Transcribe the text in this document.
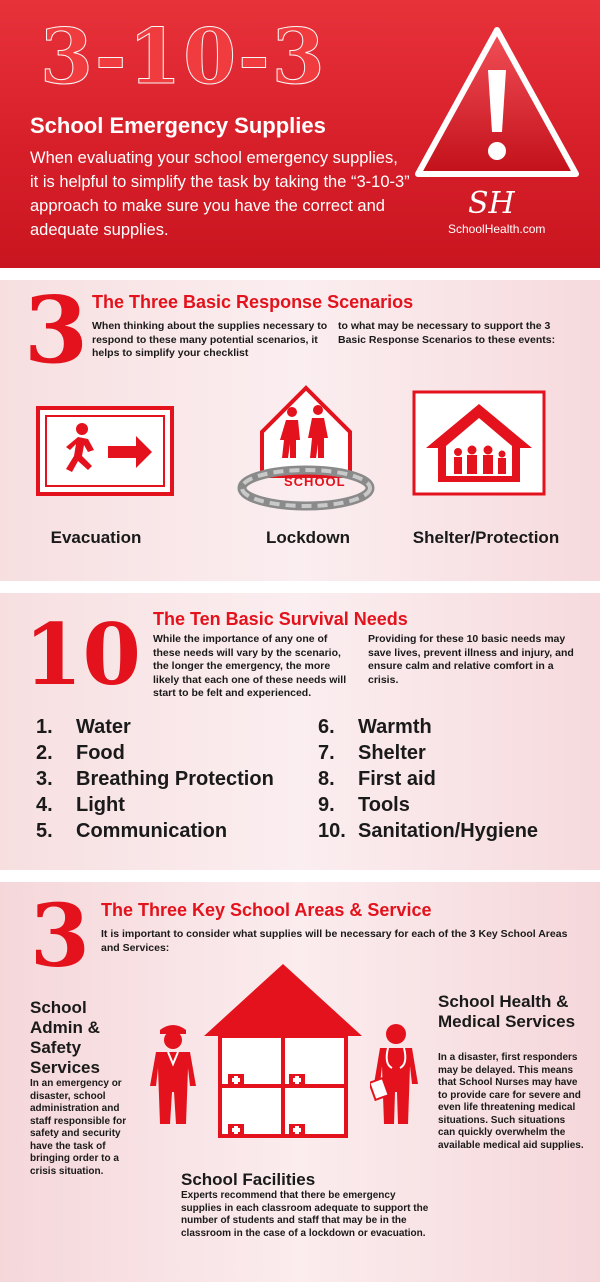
3-10-3
School Emergency Supplies
When evaluating your school emergency supplies, it is helpful to simplify the task by taking the “3-10-3” approach to make sure you have the correct and adequate supplies.
SH
SchoolHealth.com
3 The Three Basic Response Scenarios
When thinking about the supplies necessary to respond to these many potential scenarios, it helps to simplify your checklist
to what may be necessary to support the 3 Basic Response Scenarios to these events:
SCHOOL
Evacuation	Lockdown	Shelter/Protection
10 The Ten Basic Survival Needs
While the importance of any one of these needs will vary by the scenario, the longer the emergency, the more likely that each one of these needs will start to be felt and experienced.
Providing for these 10 basic needs may save lives, prevent illness and injury, and ensure calm and relative comfort in a crisis.
1.	Water
2.	Food
3.	Breathing Protection
4.	Light
5.	Communication
6.	Warmth
7.	Shelter
8.	First aid
9.	Tools
10. Sanitation/Hygiene
3 The Three Key School Areas & Service
It is important to consider what supplies will be necessary for each of the 3 Key School Areas and Services:
School Admin & Safety Services
In an emergency or disaster, school administration and staff responsible for safety and security have the task of bringing order to a crisis situation.
School Health & Medical Services
In a disaster, first responders may be delayed. This means that School Nurses may have to provide care for severe and even life threatening medical situations. Such situations can quickly overwhelm the available medical aid supplies.
School Facilities
Experts recommend that there be emergency supplies in each classroom adequate to support the number of students and staff that may be in the classroom in the case of a lockdown or evacuation.
